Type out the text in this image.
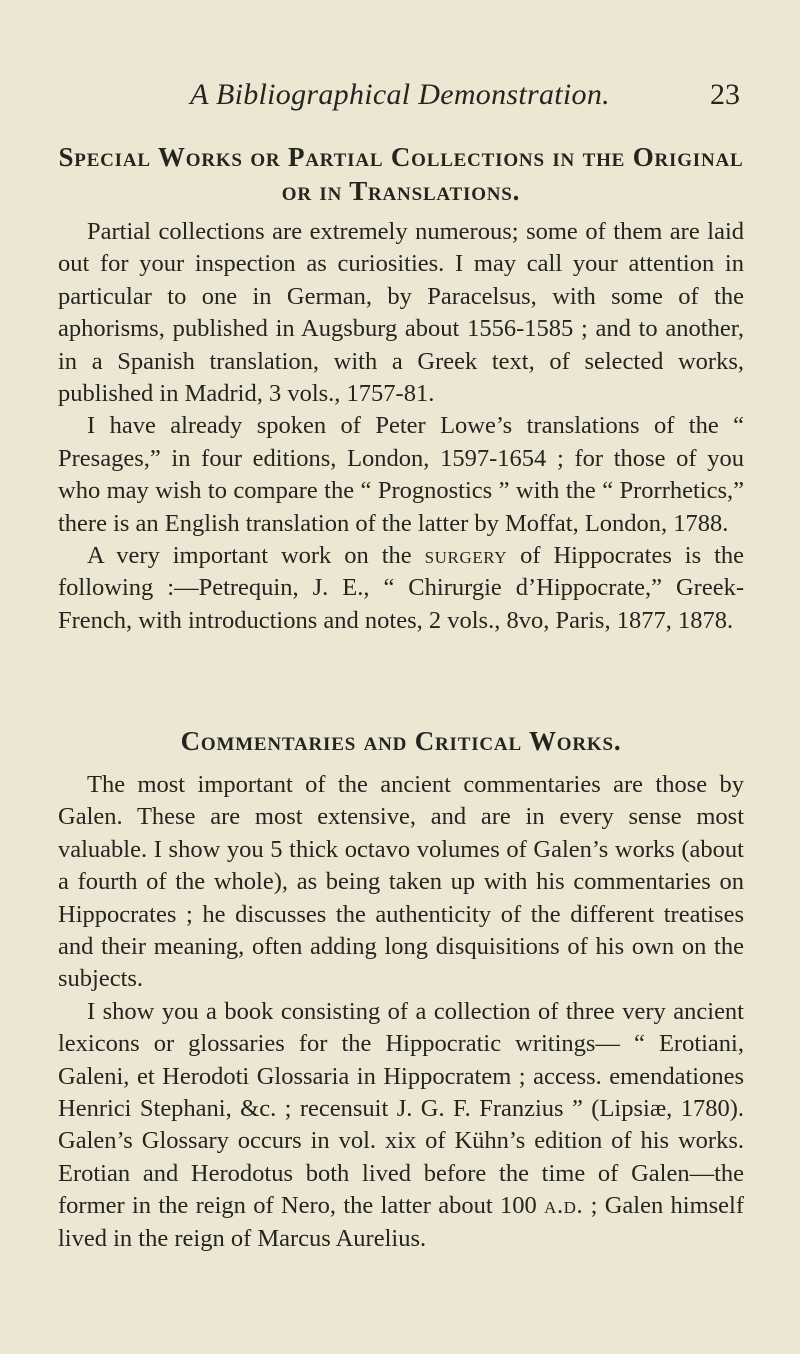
A Bibliographical Demonstration.	23
Special Works or Partial Collections in the Original
or in Translations.

Partial collections are extremely numerous; some of them are laid out for your inspection as curiosities. I may call your attention in particular to one in German, by Paracelsus, with some of the aphorisms, published in Augsburg about 1556-1585 ; and to another, in a Spanish translation, with a Greek text, of selected works, published in Madrid, 3 vols., 1757-81.

I have already spoken of Peter Lowe’s translations of the “ Presages,” in four editions, London, 1597-1654 ; for those of you who may wish to compare the “ Prognostics ” with the “ Prorrhetics,” there is an English translation of the latter by Moffat, London, 1788.

A very important work on the surgery of Hippocrates is the following :—Petrequin, J. E., “ Chirurgie d’Hippocrate,” Greek-French, with introductions and notes, 2 vols., 8vo, Paris, 1877, 1878.

Commentaries and Critical Works.

The most important of the ancient commentaries are those by Galen. These are most extensive, and are in every sense most valuable. I show you 5 thick octavo volumes of Galen’s works (about a fourth of the whole), as being taken up with his commentaries on Hippocrates ; he discusses the authenticity of the different treatises and their meaning, often adding long disquisitions of his own on the subjects.

I show you a book consisting of a collection of three very ancient lexicons or glossaries for the Hippocratic writings— “ Erotiani, Galeni, et Herodoti Glossaria in Hippocratem ; access. emendationes Henrici Stephani, &c. ; recensuit J. G. F. Franzius ” (Lipsiæ, 1780). Galen’s Glossary occurs in vol. xix of Kühn’s edition of his works. Erotian and Herodotus both lived before the time of Galen—the former in the reign of Nero, the latter about 100 a.d. ; Galen himself lived in the reign of Marcus Aurelius.
